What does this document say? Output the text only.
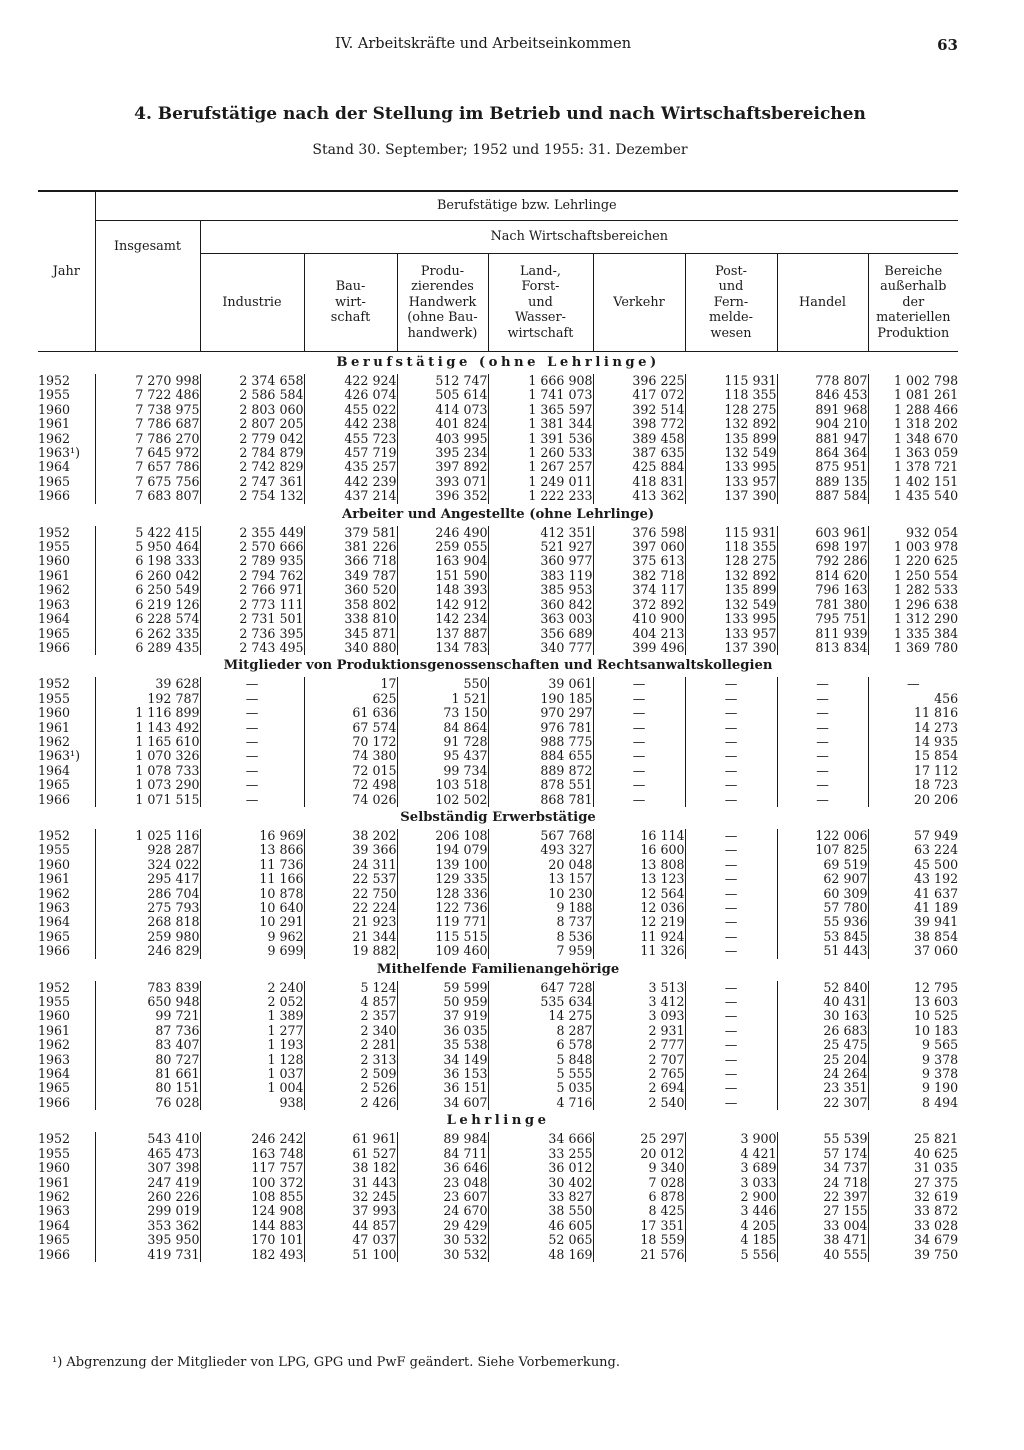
IV. Arbeitskräfte und Arbeitseinkommen	63
4. Berufstätige nach der Stellung im Betrieb und nach Wirtschaftsbereichen
Stand 30. September; 1952 und 1955: 31. Dezember
Jahr	Berufstätige bzw. Lehrlinge								
	Insgesamt	Nach Wirtschaftsbereichen							
		Industrie	Bau-
wirt-
schaft	Produ-
zierendes
Handwerk
(ohne Bau-
handwerk)	Land-,
Forst-
und
Wasser-
wirtschaft	Verkehr	Post-
und
Fern-
melde-
wesen	Handel	Bereiche
außerhalb
der
materiellen
Produktion
Berufstätige (ohne Lehrlinge)									
1952	7 270 998	2 374 658	422 924	512 747	1 666 908	396 225	115 931	778 807	1 002 798
1955	7 722 486	2 586 584	426 074	505 614	1 741 073	417 072	118 355	846 453	1 081 261
1960	7 738 975	2 803 060	455 022	414 073	1 365 597	392 514	128 275	891 968	1 288 466
1961	7 786 687	2 807 205	442 238	401 824	1 381 344	398 772	132 892	904 210	1 318 202
1962	7 786 270	2 779 042	455 723	403 995	1 391 536	389 458	135 899	881 947	1 348 670
1963¹)	7 645 972	2 784 879	457 719	395 234	1 260 533	387 635	132 549	864 364	1 363 059
1964	7 657 786	2 742 829	435 257	397 892	1 267 257	425 884	133 995	875 951	1 378 721
1965	7 675 756	2 747 361	442 239	393 071	1 249 011	418 831	133 957	889 135	1 402 151
1966	7 683 807	2 754 132	437 214	396 352	1 222 233	413 362	137 390	887 584	1 435 540
Arbeiter und Angestellte (ohne Lehrlinge)									
1952	5 422 415	2 355 449	379 581	246 490	412 351	376 598	115 931	603 961	932 054
1955	5 950 464	2 570 666	381 226	259 055	521 927	397 060	118 355	698 197	1 003 978
1960	6 198 333	2 789 935	366 718	163 904	360 977	375 613	128 275	792 286	1 220 625
1961	6 260 042	2 794 762	349 787	151 590	383 119	382 718	132 892	814 620	1 250 554
1962	6 250 549	2 766 971	360 520	148 393	385 953	374 117	135 899	796 163	1 282 533
1963	6 219 126	2 773 111	358 802	142 912	360 842	372 892	132 549	781 380	1 296 638
1964	6 228 574	2 731 501	338 810	142 234	363 003	410 900	133 995	795 751	1 312 290
1965	6 262 335	2 736 395	345 871	137 887	356 689	404 213	133 957	811 939	1 335 384
1966	6 289 435	2 743 495	340 880	134 783	340 777	399 496	137 390	813 834	1 369 780
Mitglieder von Produktionsgenossenschaften und Rechtsanwaltskollegien									
1952	39 628	—	17	550	39 061	—	—	—	—
1955	192 787	—	625	1 521	190 185	—	—	—	456
1960	1 116 899	—	61 636	73 150	970 297	—	—	—	11 816
1961	1 143 492	—	67 574	84 864	976 781	—	—	—	14 273
1962	1 165 610	—	70 172	91 728	988 775	—	—	—	14 935
1963¹)	1 070 326	—	74 380	95 437	884 655	—	—	—	15 854
1964	1 078 733	—	72 015	99 734	889 872	—	—	—	17 112
1965	1 073 290	—	72 498	103 518	878 551	—	—	—	18 723
1966	1 071 515	—	74 026	102 502	868 781	—	—	—	20 206
Selbständig Erwerbstätige									
1952	1 025 116	16 969	38 202	206 108	567 768	16 114	—	122 006	57 949
1955	928 287	13 866	39 366	194 079	493 327	16 600	—	107 825	63 224
1960	324 022	11 736	24 311	139 100	20 048	13 808	—	69 519	45 500
1961	295 417	11 166	22 537	129 335	13 157	13 123	—	62 907	43 192
1962	286 704	10 878	22 750	128 336	10 230	12 564	—	60 309	41 637
1963	275 793	10 640	22 224	122 736	9 188	12 036	—	57 780	41 189
1964	268 818	10 291	21 923	119 771	8 737	12 219	—	55 936	39 941
1965	259 980	9 962	21 344	115 515	8 536	11 924	—	53 845	38 854
1966	246 829	9 699	19 882	109 460	7 959	11 326	—	51 443	37 060
Mithelfende Familienangehörige									
1952	783 839	2 240	5 124	59 599	647 728	3 513	—	52 840	12 795
1955	650 948	2 052	4 857	50 959	535 634	3 412	—	40 431	13 603
1960	99 721	1 389	2 357	37 919	14 275	3 093	—	30 163	10 525
1961	87 736	1 277	2 340	36 035	8 287	2 931	—	26 683	10 183
1962	83 407	1 193	2 281	35 538	6 578	2 777	—	25 475	9 565
1963	80 727	1 128	2 313	34 149	5 848	2 707	—	25 204	9 378
1964	81 661	1 037	2 509	36 153	5 555	2 765	—	24 264	9 378
1965	80 151	1 004	2 526	36 151	5 035	2 694	—	23 351	9 190
1966	76 028	938	2 426	34 607	4 716	2 540	—	22 307	8 494
Lehrlinge									
1952	543 410	246 242	61 961	89 984	34 666	25 297	3 900	55 539	25 821
1955	465 473	163 748	61 527	84 711	33 255	20 012	4 421	57 174	40 625
1960	307 398	117 757	38 182	36 646	36 012	9 340	3 689	34 737	31 035
1961	247 419	100 372	31 443	23 048	30 402	7 028	3 033	24 718	27 375
1962	260 226	108 855	32 245	23 607	33 827	6 878	2 900	22 397	32 619
1963	299 019	124 908	37 993	24 670	38 550	8 425	3 446	27 155	33 872
1964	353 362	144 883	44 857	29 429	46 605	17 351	4 205	33 004	33 028
1965	395 950	170 101	47 037	30 532	52 065	18 559	4 185	38 471	34 679
1966	419 731	182 493	51 100	30 532	48 169	21 576	5 556	40 555	39 750
¹) Abgrenzung der Mitglieder von LPG, GPG und PwF geändert. Siehe Vorbemerkung.
